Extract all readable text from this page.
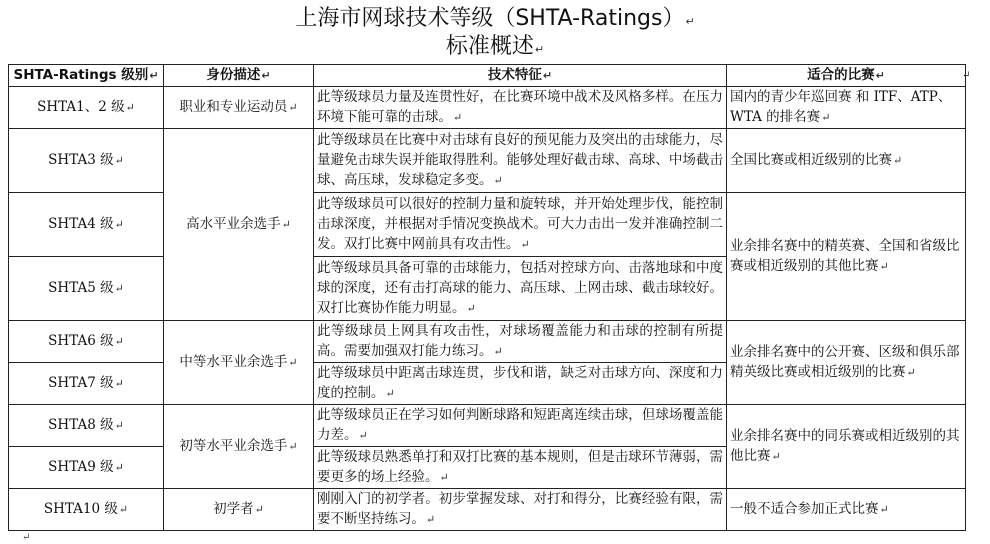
上海市网球技术等级（SHTA-Ratings）↵
标准概述↵
SHTA-Ratings 级别↵	身份描述↵	技术特征↵	适合的比赛↵
SHTA1、2 级↵	职业和专业运动员↵	此等级球员力量及连贯性好，在比赛环境中战术及风格多样。在压力环境下能可靠的击球。↵	国内的青少年巡回赛 和 ITF、ATP、WTA 的排名赛↵
SHTA3 级↵	高水平业余选手↵	此等级球员在比赛中对击球有良好的预见能力及突出的击球能力，尽量避免击球失误并能取得胜利。能够处理好截击球、高球、中场截击球、高压球，发球稳定多变。↵	全国比赛或相近级别的比赛↵
SHTA4 级↵		此等级球员可以很好的控制力量和旋转球，并开始处理步伐，能控制击球深度，并根据对手情况变换战术。可大力击出一发并准确控制二发。双打比赛中网前具有攻击性。↵	业余排名赛中的精英赛、全国和省级比赛或相近级别的其他比赛↵
SHTA5 级↵		此等级球员具备可靠的击球能力，包括对控球方向、击落地球和中度球的深度，还有击打高球的能力、高压球、上网击球、截击球较好。双打比赛协作能力明显。↵	
SHTA6 级↵	中等水平业余选手↵	此等级球员上网具有攻击性，对球场覆盖能力和击球的控制有所提高。需要加强双打能力练习。↵	业余排名赛中的公开赛、区级和俱乐部精英级比赛或相近级别的比赛↵
SHTA7 级↵		此等级球员中距离击球连贯，步伐和谐，缺乏对击球方向、深度和力度的控制。↵	
SHTA8 级↵	初等水平业余选手↵	此等级球员正在学习如何判断球路和短距离连续击球，但球场覆盖能力差。↵	业余排名赛中的同乐赛或相近级别的其他比赛↵
SHTA9 级↵		此等级球员熟悉单打和双打比赛的基本规则，但是击球环节薄弱，需要更多的场上经验。↵	
SHTA10 级↵	初学者↵	刚刚入门的初学者。初步掌握发球、对打和得分，比赛经验有限，需要不断坚持练习。↵	一般不适合参加正式比赛↵
↵
↵
